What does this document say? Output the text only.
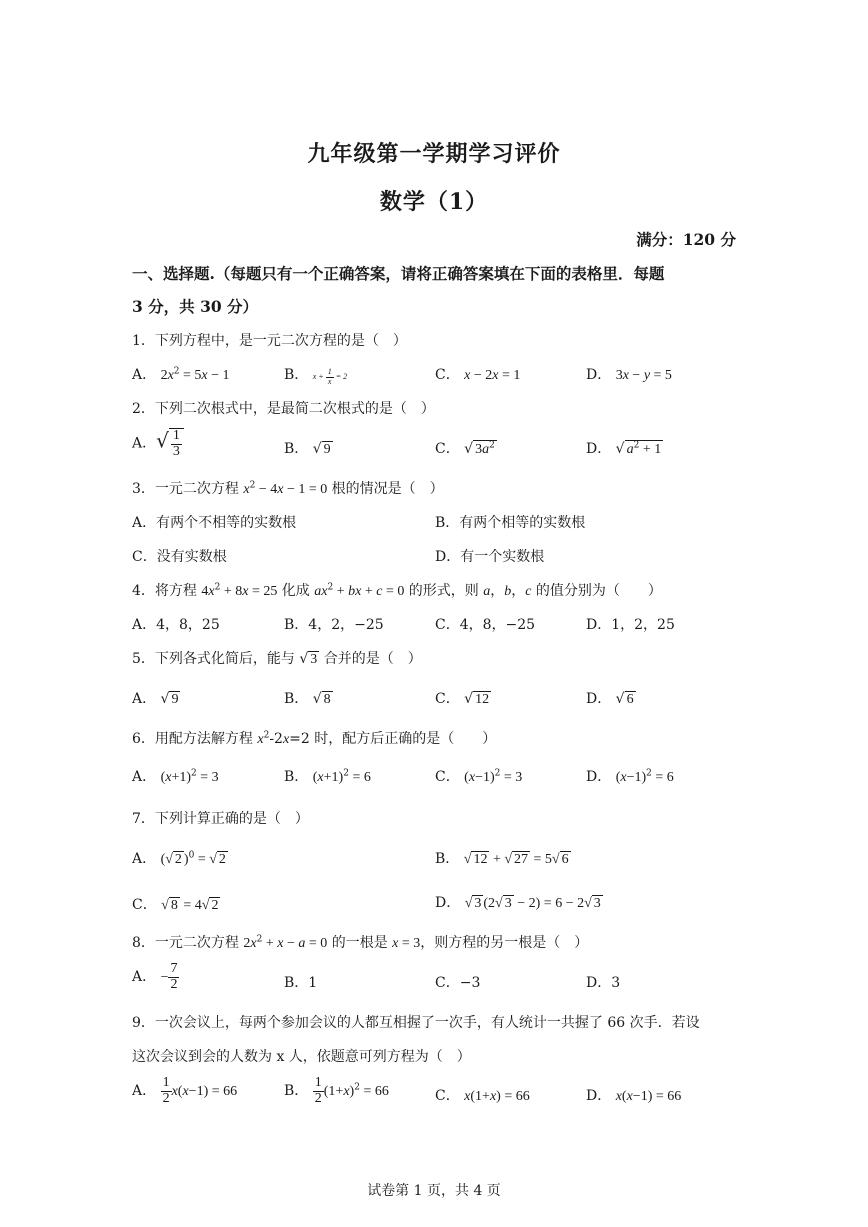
九年级第一学期学习评价
数学（1）
满分：120 分
一、选择题.（每题只有一个正确答案，请将正确答案填在下面的表格里．每题
3 分，共 30 分）
1．下列方程中，是一元二次方程的是（　）
A． $2x^2 = 5x - 1$	B． $x + \frac{1}{x} = 2$	C． x − 2x = 1	D． 3x − y = 5
2．下列二次根式中，是最简二次根式的是（　）
A．√ $\frac{1}{3}$	B． √ 9	C． √ $3a^2$	D． √ $a^2 + 1$
3．一元二次方程 $x^2 - 4x - 1 = 0$ 根的情况是（　）
A．有两个不相等的实数根	B．有两个相等的实数根
C．没有实数根	D．有一个实数根
4．将方程 $4x^2 + 8x = 25$ 化成 $ax^2$ + bx + c = 0 的形式，则 a，b，c 的值分别为（　　）
A．4，8，25	B．4，2，−25	C．4，8，−25	D．1，2，25
5．下列各式化简后，能与 √ 3 合并的是（　）
A． √ 9	B． √ 8	C． √ 12	D． √ 6
6．用配方法解方程 $x^2-2x=2$ 时，配方后正确的是（　　）
A． $(x+1)^2 = 3$	B． $(x+1)^2 = 6$	C． $(x-1)^2 = 3$	D． $(x-1)^2 = 6$
7．下列计算正确的是（　）
A． (√ 2 )$^0$ = √ 2	B． √ 12 + √ 27 = 5√ 6
C． √ 8 = 4√ 2	D． √ 3 (2√ 3 − 2) = 6 − 2√ 3
8．一元二次方程 $2x^2 + x - a = 0$ 的一根是 x = 3，则方程的另一根是（　）
A． − $\frac{7}{2}$	B．1	C．−3	D．3
9．一次会议上，每两个参加会议的人都互相握了一次手，有人统计一共握了 66 次手．若设
这次会议到会的人数为 x 人，依题意可列方程为（　）
A． $\frac{1}{2} x(x-1) = 66$	B． $\frac{1}{2} (1+x)^2 = 66$	C． x(1+x) = 66	D． x(x−1) = 66
试卷第 1 页，共 4 页
